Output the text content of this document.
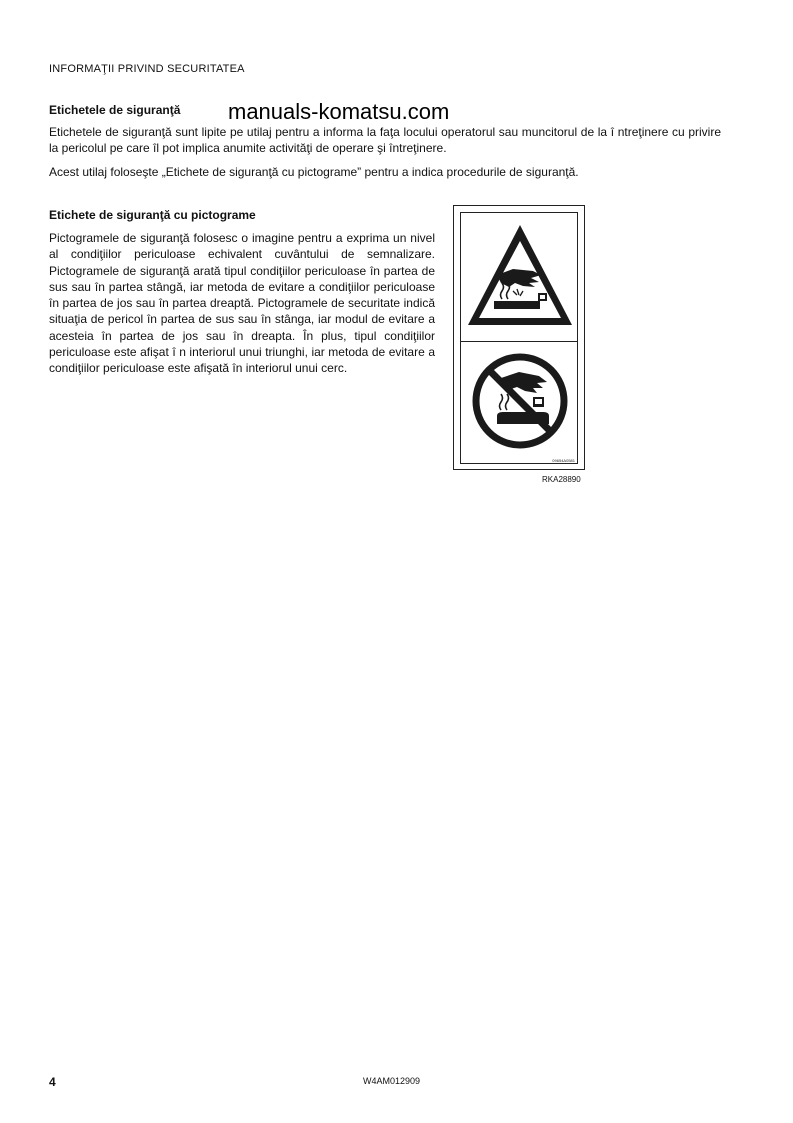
INFORMAŢII PRIVIND SECURITATEA
manuals-komatsu.com
Etichetele de siguranţă

Etichetele de siguranţă sunt lipite pe utilaj pentru a informa la faţa locului operatorul sau muncitorul de la î ntreţinere cu privire la pericolul pe care îl pot implica anumite activităţi de operare şi întreţinere.

Acest utilaj foloseşte „Etichete de siguranţă cu pictograme” pentru a indica procedurile de siguranţă.

Etichete de siguranţă cu pictograme

Pictogramele de siguranţă folosesc o imagine pentru a exprima un nivel al condiţiilor periculoase echivalent cuvântului de semnalizare. Pictogramele de siguranţă arată tipul condiţiilor periculoase în partea de sus sau în partea stângă, iar metoda de evitare a condiţiilor periculoase în partea de jos sau în partea dreaptă. Pictogramele de securitate indică situaţia de pericol în partea de sus sau în stânga, iar modul de evitare a acesteia în partea de jos sau în dreapta. În plus, tipul condiţiilor periculoase este afişat î n interiorul unui triunghi, iar metoda de evitare a condiţiilor periculoase este afişată în interiorul unui cerc.

09654A0581
RKA28890
4	W4AM012909
